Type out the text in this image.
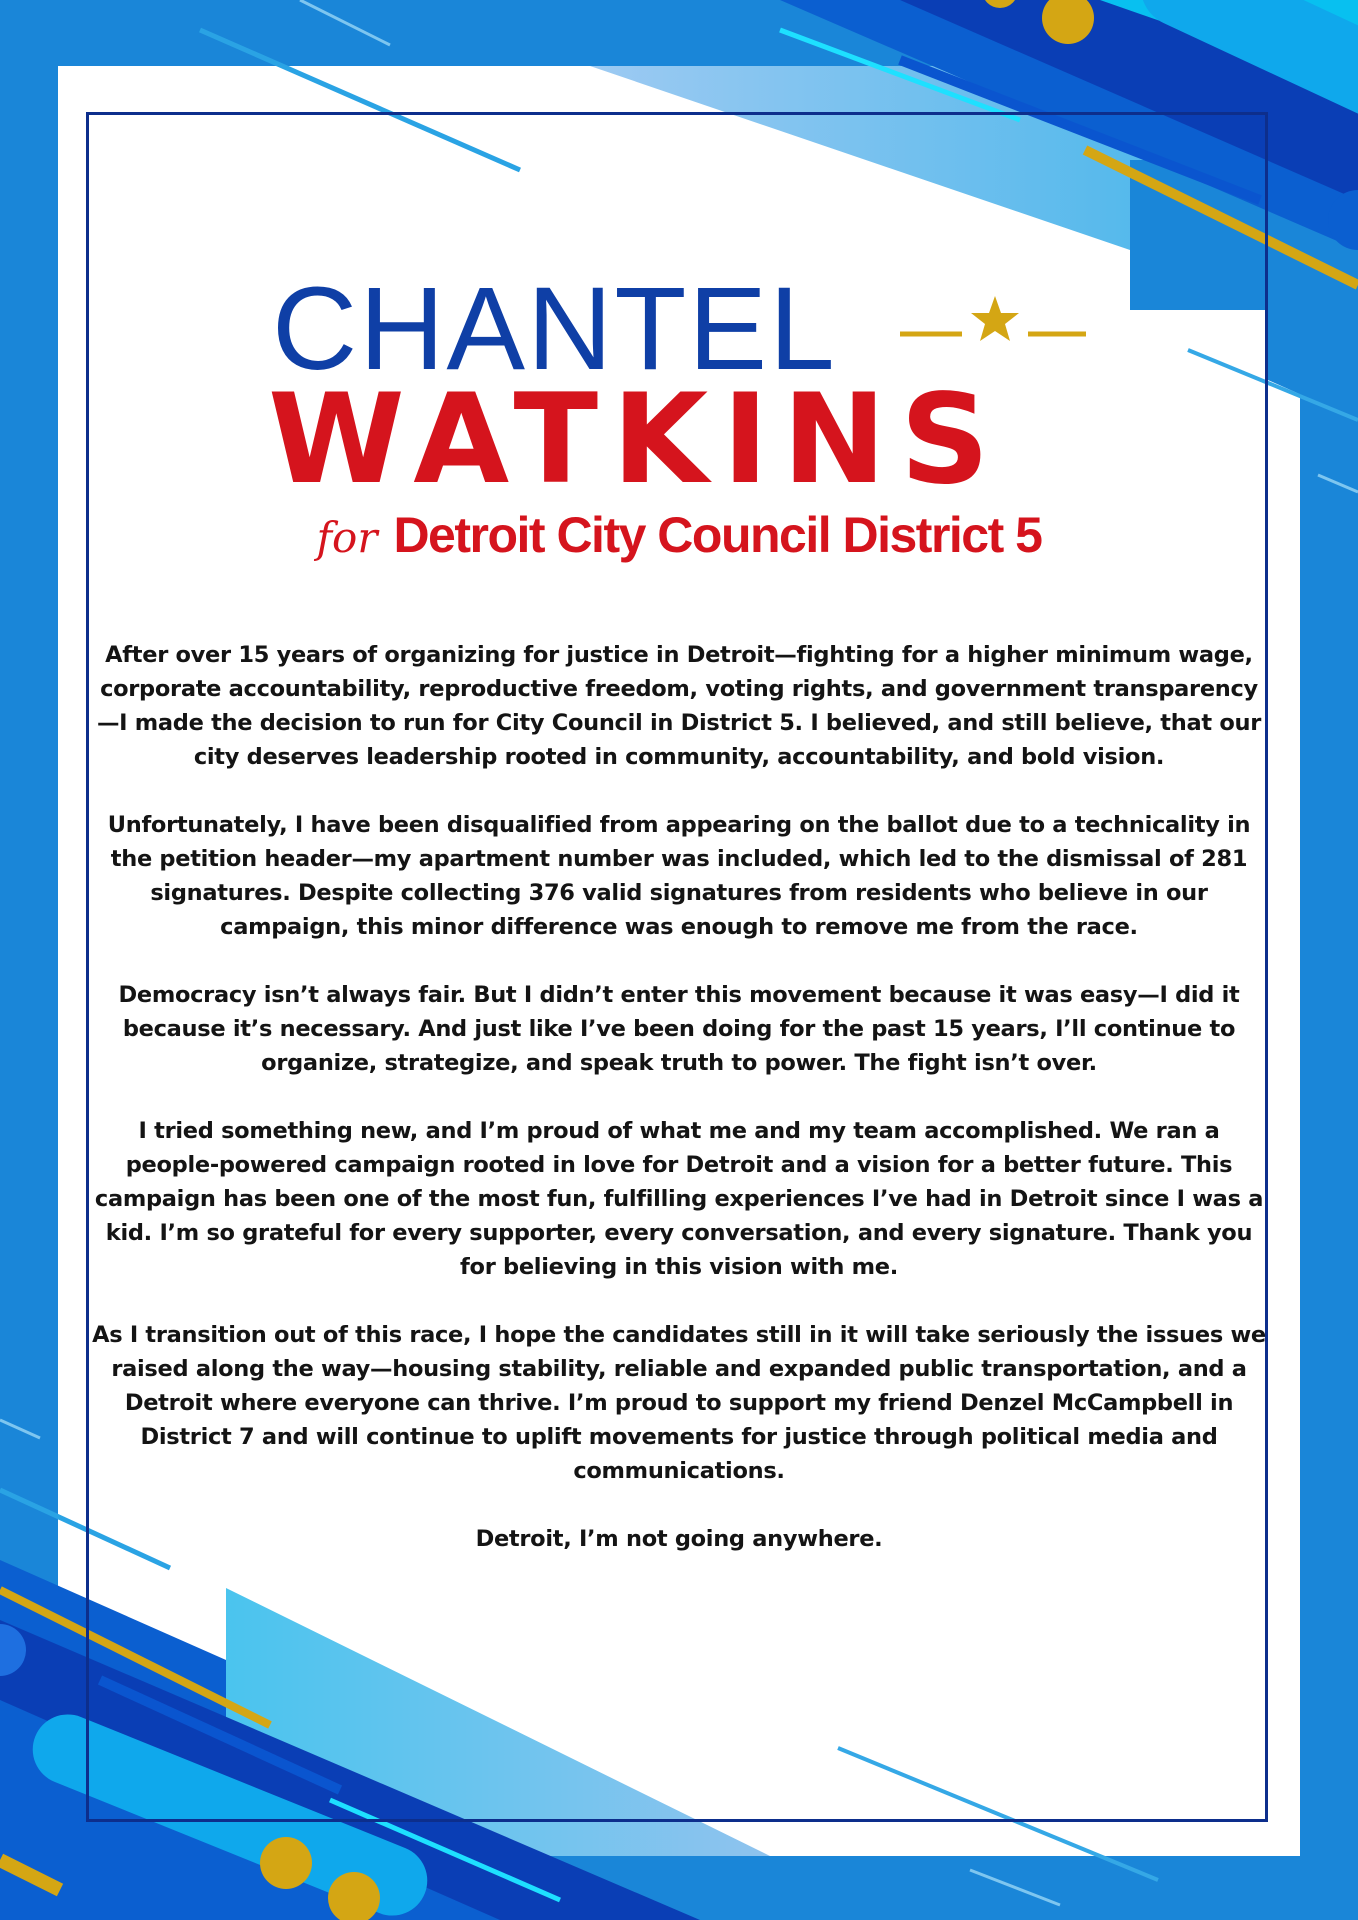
CHANTEL
WATKINS
for Detroit City Council District 5

After over 15 years of organizing for justice in Detroit—fighting for a higher minimum wage, corporate accountability, reproductive freedom, voting rights, and government transparency—I made the decision to run for City Council in District 5. I believed, and still believe, that our city deserves leadership rooted in community, accountability, and bold vision.

Unfortunately, I have been disqualified from appearing on the ballot due to a technicality in the petition header—my apartment number was included, which led to the dismissal of 281 signatures. Despite collecting 376 valid signatures from residents who believe in our campaign, this minor difference was enough to remove me from the race.

Democracy isn’t always fair. But I didn’t enter this movement because it was easy—I did it because it’s necessary. And just like I’ve been doing for the past 15 years, I’ll continue to organize, strategize, and speak truth to power. The fight isn’t over.

I tried something new, and I’m proud of what me and my team accomplished. We ran a people-powered campaign rooted in love for Detroit and a vision for a better future. This campaign has been one of the most fun, fulfilling experiences I’ve had in Detroit since I was a kid. I’m so grateful for every supporter, every conversation, and every signature. Thank you for believing in this vision with me.

As I transition out of this race, I hope the candidates still in it will take seriously the issues we raised along the way—housing stability, reliable and expanded public transportation, and a Detroit where everyone can thrive. I’m proud to support my friend Denzel McCampbell in District 7 and will continue to uplift movements for justice through political media and communications.

Detroit, I’m not going anywhere.
